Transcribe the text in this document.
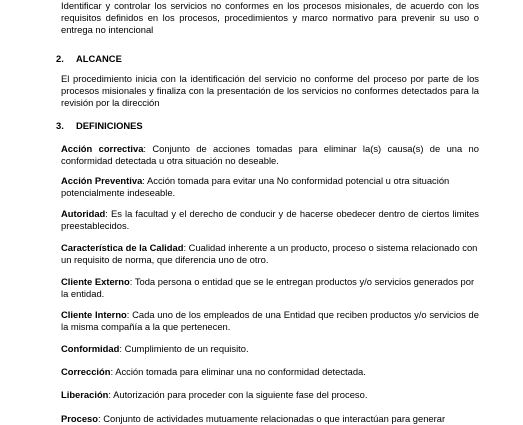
Identificar y controlar los servicios no conformes en los procesos misionales, de acuerdo con los requisitos definidos en los procesos, procedimientos y marco normativo para prevenir su uso o entrega no intencional

2. ALCANCE

El procedimiento inicia con la identificación del servicio no conforme del proceso por parte de los procesos misionales y finaliza con la presentación de los servicios no conformes detectados para la revisión por la dirección

3. DEFINICIONES

Acción correctiva: Conjunto de acciones tomadas para eliminar la(s) causa(s) de una no conformidad detectada u otra situación no deseable.

Acción Preventiva: Acción tomada para evitar una No conformidad potencial u otra situación potencialmente indeseable.

Autoridad: Es la facultad y el derecho de conducir y de hacerse obedecer dentro de ciertos limites preestablecidos.

Característica de la Calidad: Cualidad inherente a un producto, proceso o sistema relacionado con un requisito de norma, que diferencia uno de otro.

Cliente Externo: Toda persona o entidad que se le entregan productos y/o servicios generados por la entidad.

Cliente Interno: Cada uno de los empleados de una Entidad que reciben productos y/o servicios de la misma compañía a la que pertenecen.

Conformidad: Cumplimiento de un requisito.

Corrección: Acción tomada para eliminar una no conformidad detectada.

Liberación: Autorización para proceder con la siguiente fase del proceso.

Proceso: Conjunto de actividades mutuamente relacionadas o que interactúan para generar
